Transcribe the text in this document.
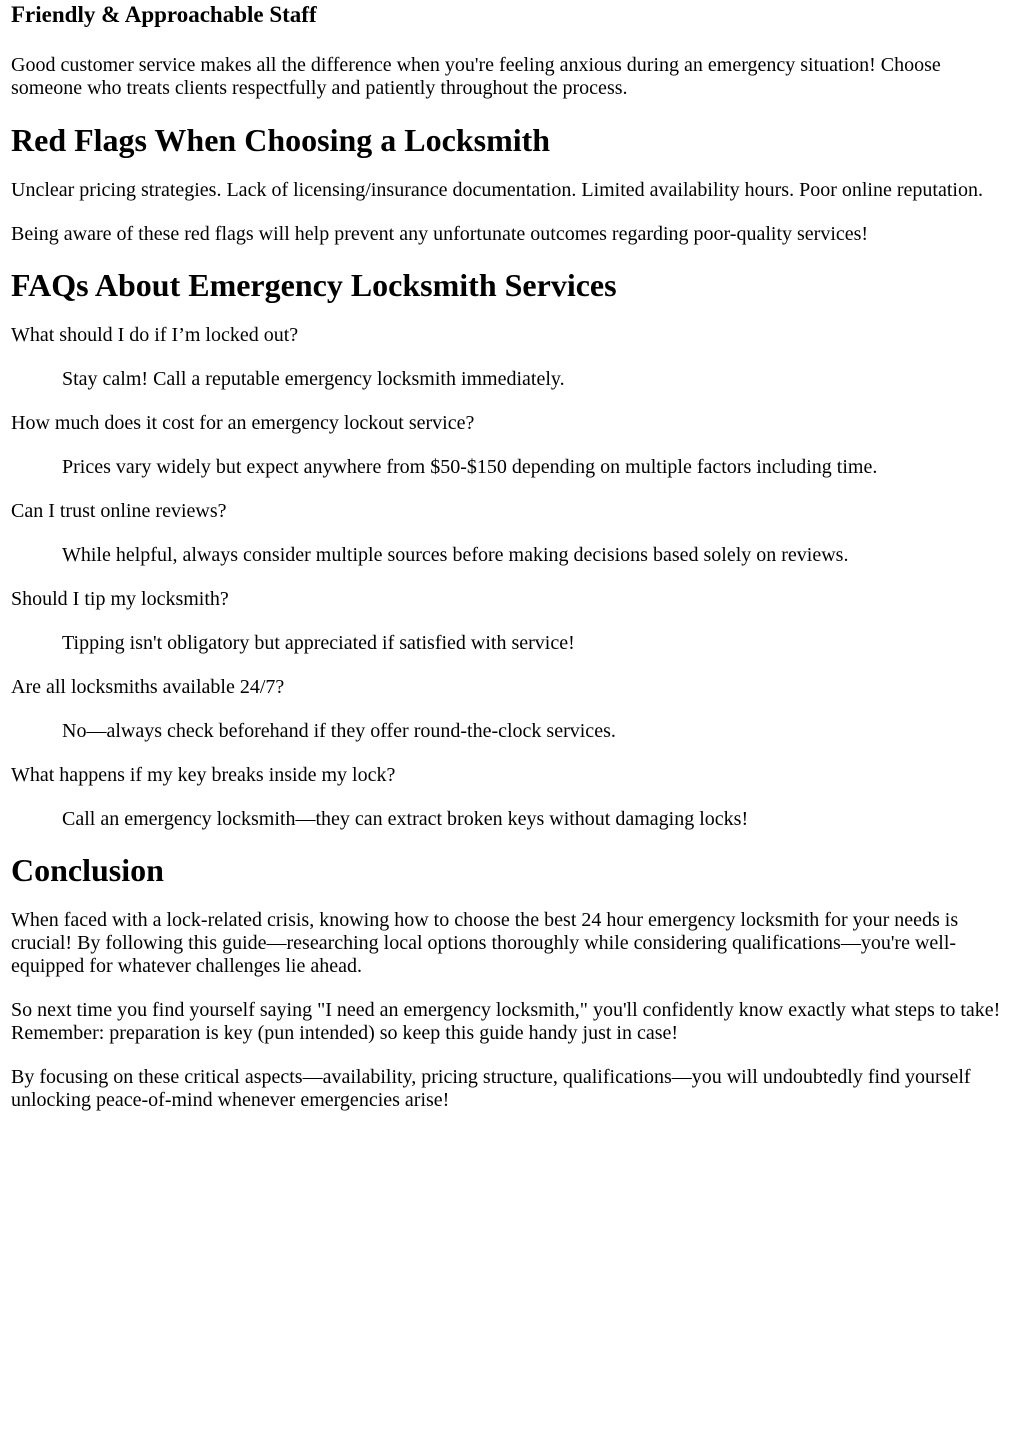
Friendly & Approachable Staff

Good customer service makes all the difference when you're feeling anxious during an emergency situation! Choose someone who treats clients respectfully and patiently throughout the process.

Red Flags When Choosing a Locksmith

Unclear pricing strategies. Lack of licensing/insurance documentation. Limited availability hours. Poor online reputation.

Being aware of these red flags will help prevent any unfortunate outcomes regarding poor-quality services!

FAQs About Emergency Locksmith Services
What should I do if I’m locked out?
Stay calm! Call a reputable emergency locksmith immediately.
How much does it cost for an emergency lockout service?
Prices vary widely but expect anywhere from $50-$150 depending on multiple factors including time.
Can I trust online reviews?
While helpful, always consider multiple sources before making decisions based solely on reviews.
Should I tip my locksmith?
Tipping isn't obligatory but appreciated if satisfied with service!
Are all locksmiths available 24/7?
No—always check beforehand if they offer round-the-clock services.
What happens if my key breaks inside my lock?
Call an emergency locksmith—they can extract broken keys without damaging locks!
Conclusion

When faced with a lock-related crisis, knowing how to choose the best 24 hour emergency locksmith for your needs is crucial! By following this guide—researching local options thoroughly while considering qualifications—you're well-equipped for whatever challenges lie ahead.

So next time you find yourself saying "I need an emergency locksmith," you'll confidently know exactly what steps to take! Remember: preparation is key (pun intended) so keep this guide handy just in case!

By focusing on these critical aspects—availability, pricing structure, qualifications—you will undoubtedly find yourself unlocking peace-of-mind whenever emergencies arise!
